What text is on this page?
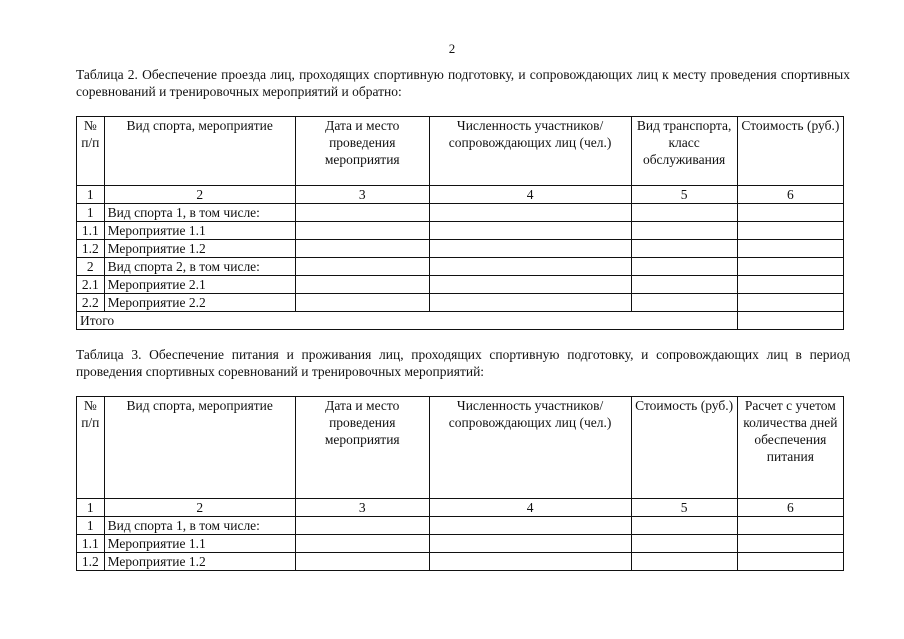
2
Таблица 2. Обеспечение проезда лиц, проходящих спортивную подготовку, и сопровождающих лиц к месту проведения спортивных соревнований и тренировочных мероприятий и обратно:
№ п/п	Вид спорта, мероприятие	Дата и место проведения мероприятия	Численность участников/ сопровождающих лиц (чел.)	Вид транспорта, класс обслуживания	Стоимость (руб.)
1	2	3	4	5	6
1	Вид спорта 1, в том числе:				
1.1	Мероприятие 1.1				
1.2	Мероприятие 1.2				
2	Вид спорта 2, в том числе:				
2.1	Мероприятие 2.1				
2.2	Мероприятие 2.2				
Итого					
Таблица 3. Обеспечение питания и проживания лиц, проходящих спортивную подготовку, и сопровождающих лиц в период проведения спортивных соревнований и тренировочных мероприятий:
№ п/п	Вид спорта, мероприятие	Дата и место проведения мероприятия	Численность участников/ сопровождающих лиц (чел.)	Стоимость (руб.)	Расчет с учетом количества дней обеспечения питания
1	2	3	4	5	6
1	Вид спорта 1, в том числе:				
1.1	Мероприятие 1.1				
1.2	Мероприятие 1.2				
